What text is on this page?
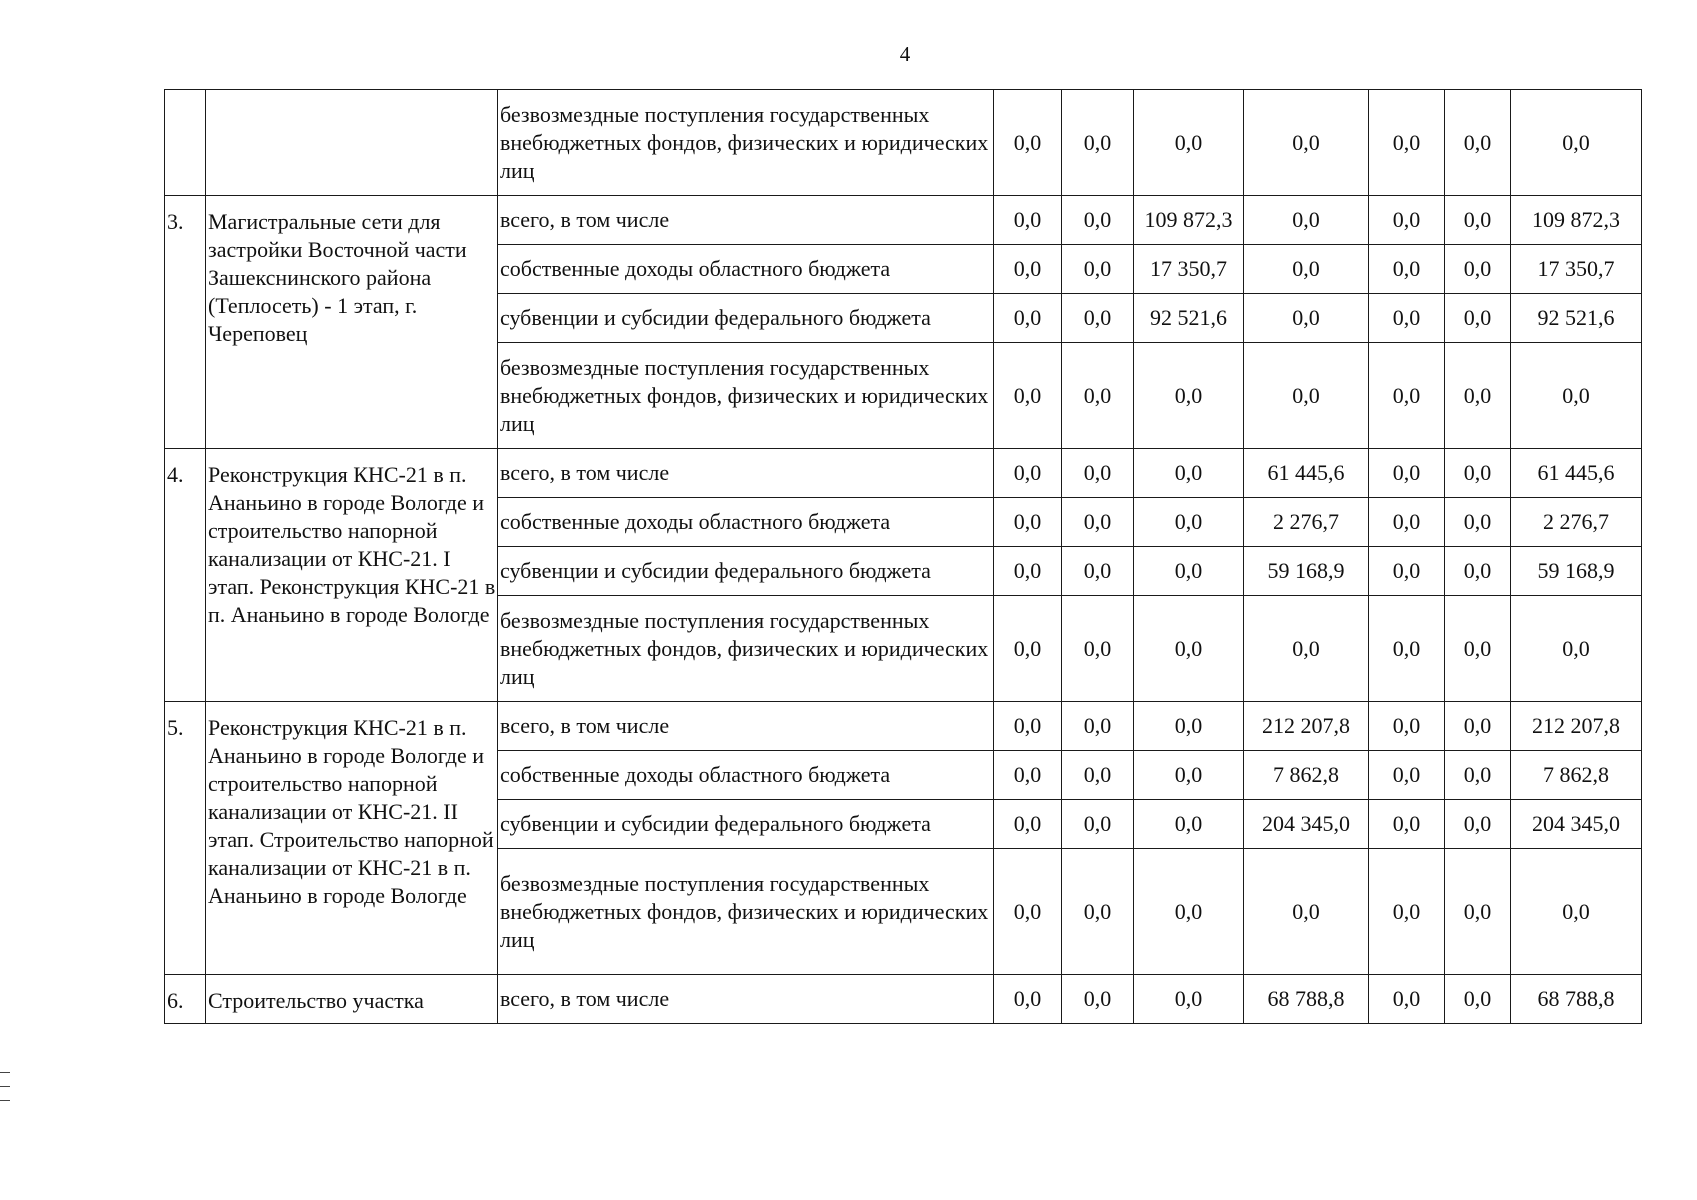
4
		безвозмездные поступления государственных внебюджетных фондов, физических и юридических лиц	0,0	0,0	0,0	0,0	0,0	0,0	0,0
3.	Магистральные сети для застройки Восточной части Зашекснинского района (Теплосеть) - 1 этап, г. Череповец	всего, в том числе	0,0	0,0	109 872,3	0,0	0,0	0,0	109 872,3
		собственные доходы областного бюджета	0,0	0,0	17 350,7	0,0	0,0	0,0	17 350,7
		субвенции и субсидии федерального бюджета	0,0	0,0	92 521,6	0,0	0,0	0,0	92 521,6
		безвозмездные поступления государственных внебюджетных фондов, физических и юридических лиц	0,0	0,0	0,0	0,0	0,0	0,0	0,0
4.	Реконструкция КНС-21 в п. Ананьино в городе Вологде и строительство напорной канализации от КНС-21. I этап. Реконструкция КНС-21 в п. Ананьино в городе Вологде	всего, в том числе	0,0	0,0	0,0	61 445,6	0,0	0,0	61 445,6
		собственные доходы областного бюджета	0,0	0,0	0,0	2 276,7	0,0	0,0	2 276,7
		субвенции и субсидии федерального бюджета	0,0	0,0	0,0	59 168,9	0,0	0,0	59 168,9
		безвозмездные поступления государственных внебюджетных фондов, физических и юридических лиц	0,0	0,0	0,0	0,0	0,0	0,0	0,0
5.	Реконструкция КНС-21 в п. Ананьино в городе Вологде и строительство напорной канализации от КНС-21. II этап. Строительство напорной канализации от КНС-21 в п. Ананьино в городе Вологде	всего, в том числе	0,0	0,0	0,0	212 207,8	0,0	0,0	212 207,8
		собственные доходы областного бюджета	0,0	0,0	0,0	7 862,8	0,0	0,0	7 862,8
		субвенции и субсидии федерального бюджета	0,0	0,0	0,0	204 345,0	0,0	0,0	204 345,0
		безвозмездные поступления государственных внебюджетных фондов, физических и юридических лиц	0,0	0,0	0,0	0,0	0,0	0,0	0,0
6.	Строительство участка	всего, в том числе	0,0	0,0	0,0	68 788,8	0,0	0,0	68 788,8
